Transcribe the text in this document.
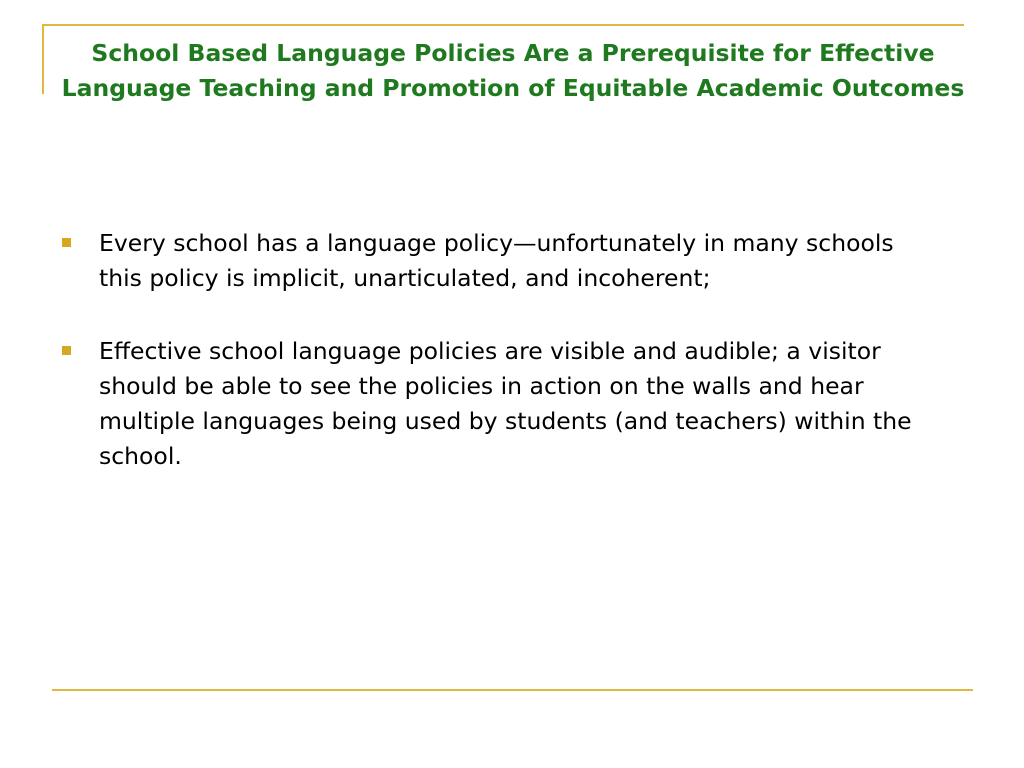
School Based Language Policies Are a Prerequisite for Effective Language Teaching and Promotion of Equitable Academic Outcomes
Every school has a language policy—unfortunately in many schools this policy is implicit, unarticulated, and incoherent;
Effective school language policies are visible and audible; a visitor should be able to see the policies in action on the walls and hear multiple languages being used by students (and teachers) within the school.
